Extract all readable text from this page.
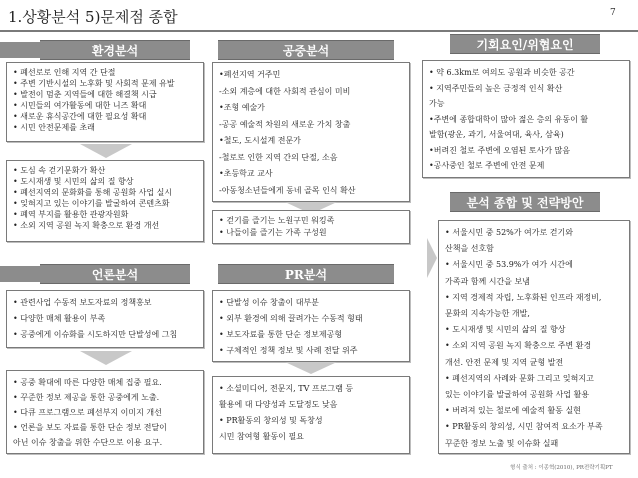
1.상황분석 5)문제점 종합	7
환경분석
• 폐선로로 인해 지역 간 단절
• 주변 기반시설의 노후화 및 사회적 문제 유발
• 발전이 멈춘 지역들에 대한 해결책 시급
• 시민들의 여가활동에 대한 니즈 확대
• 새로운 휴식공간에 대한 필요성 확대
• 시민 안전문제를 초래
• 도심 속 걷기문화가 확산
• 도시재생 및 시민의 삶의 질 향상
• 폐선지역의 문화화를 통해 공원화 사업 실시
• 잊혀지고 있는 이야기를 발굴하여 콘텐츠화
• 폐역 부지를 활용한 관광자원화
• 소외 지역 공원 녹지 확충으로 환경 개선
공중분석
•폐선지역 거주민
-소외 계층에 대한 사회적 관심이 미비
•조형 예술가
-공공 예술적 차원의 새로운 가치 창출
•철도, 도시설계 전문가
-철로로 인한 지역 간의 단절, 소음
•초등학교 교사
-아동청소년들에게 동네 골목 인식 확산
• 걷기를 즐기는 노원구민 워킹족
• 나들이를 즐기는 가족 구성원
기회요인/위협요인
• 약 6.3km로 여의도 공원과 비슷한 공간
• 지역주민들의 높은 긍정적 인식 확산
가능
•주변에 종합대학이 많아 젊은 층의 유동이 활
발함(광운, 과기, 서울여대, 육사, 삼육)
•버려진 철로 주변에 오염된 토사가 많음
•공사중인 철로 주변에 안전 문제
분석 종합 및 전략방안
• 서울시민 중 52%가 여가로 걷기와
산책을 선호함
• 서울시민 중 53.9%가 여가 시간에
가족과 함께 시간을 보냄
• 지역 경제적 자립, 노후화된 인프라 재정비,
문화의 지속가능한 개발,
• 도시재생 및 시민의 삶의 질 향상
• 소외 지역 공원 녹지 확충으로 주변 환경
개선. 안전 문제 및 지역 균형 발전
• 폐선지역의 사례와 문화 그리고 잊혀지고
있는 이야기를 발굴하여 공원화 사업 활용
• 버려져 있는 철로에 예술적 활동 실현
• PR활동의 창의성, 시민 참여적 요소가 부족
꾸준한 정보 노출 및 이슈화 실패
언론분석
• 관련사업 수동적 보도자료의 정책홍보
• 다양한 매체 활용이 부족
• 공중에게 이슈화를 시도하지만 단발성에 그침
• 공중 확대에 따른 다양한 매체 집중 필요.
• 꾸준한 정보 제공을 통한 공중에게 노출.
• 다큐 프로그램으로 폐선부지 이미지 개선
• 언론을 보도 자료를 통한 단순 정보 전달이
아닌 이슈 창출을 위한 수단으로 이용 요구.
PR분석
• 단발성 이슈 창출이 대부분
• 외부 환경에 의해 끌려가는 수동적 형태
• 보도자료를 통한 단순 정보제공형
• 구체적인 정책 정보 및 사례 전달 위주
• 소셜미디어, 전문지, TV 프로그램 등
활용에 대 다양성과 도달정도 낮음
• PR활동의 창의성 및 독창성
시민 참여형 활동이 필요
형식 출처 : 이종혁(2010), PR전략기획PT
